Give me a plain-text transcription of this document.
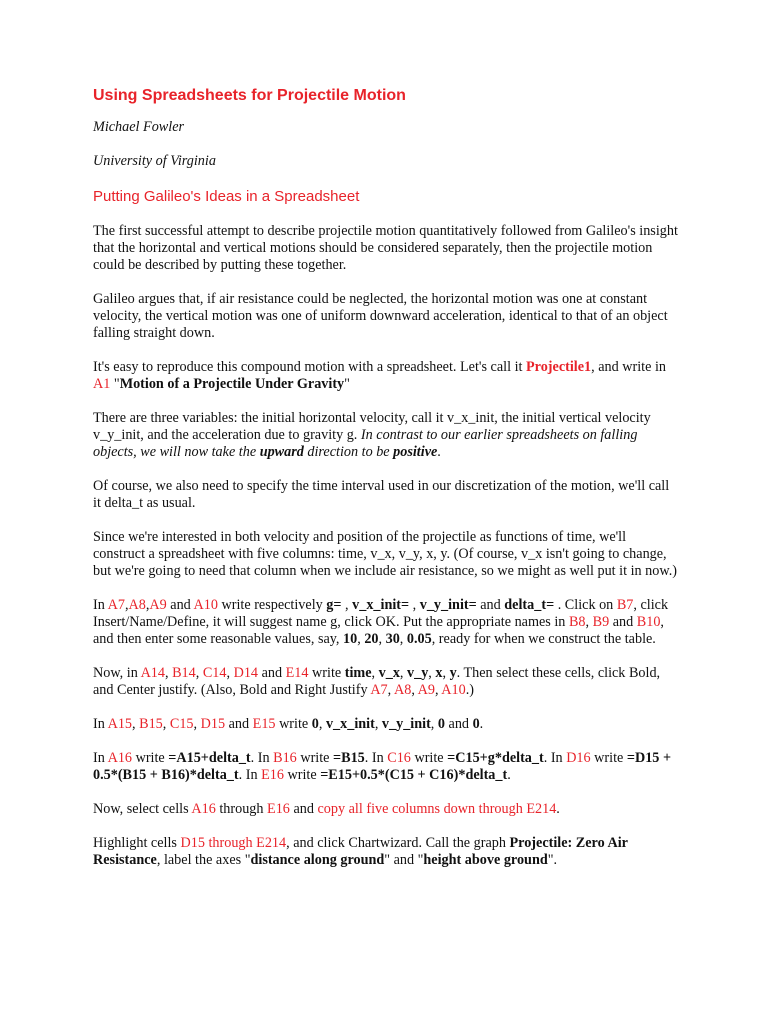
Using Spreadsheets for Projectile Motion
Michael Fowler
University of Virginia
Putting Galileo's Ideas in a Spreadsheet

The first successful attempt to describe projectile motion quantitatively followed from Galileo's insight that the horizontal and vertical motions should be considered separately, then the projectile motion could be described by putting these together.

Galileo argues that, if air resistance could be neglected, the horizontal motion was one at constant velocity, the vertical motion was one of uniform downward acceleration, identical to that of an object falling straight down.

It's easy to reproduce this compound motion with a spreadsheet. Let's call it Projectile1, and write in A1 "Motion of a Projectile Under Gravity"

There are three variables: the initial horizontal velocity, call it v_x_init, the initial vertical velocity v_y_init, and the acceleration due to gravity g. In contrast to our earlier spreadsheets on falling objects, we will now take the upward direction to be positive.

Of course, we also need to specify the time interval used in our discretization of the motion, we'll call it delta_t as usual.

Since we're interested in both velocity and position of the projectile as functions of time, we'll construct a spreadsheet with five columns: time, v_x, v_y, x, y. (Of course, v_x isn't going to change, but we're going to need that column when we include air resistance, so we might as well put it in now.)

In A7,A8,A9 and A10 write respectively g= , v_x_init= , v_y_init= and delta_t= . Click on B7, click Insert/Name/Define, it will suggest name g, click OK. Put the appropriate names in B8, B9 and B10, and then enter some reasonable values, say, 10, 20, 30, 0.05, ready for when we construct the table.

Now, in A14, B14, C14, D14 and E14 write time, v_x, v_y, x, y. Then select these cells, click Bold, and Center justify. (Also, Bold and Right Justify A7, A8, A9, A10.)

In A15, B15, C15, D15 and E15 write 0, v_x_init, v_y_init, 0 and 0.

In A16 write =A15+delta_t. In B16 write =B15. In C16 write =C15+g*delta_t. In D16 write =D15 + 0.5*(B15 + B16)*delta_t. In E16 write =E15+0.5*(C15 + C16)*delta_t.

Now, select cells A16 through E16 and copy all five columns down through E214.

Highlight cells D15 through E214, and click Chartwizard. Call the graph Projectile: Zero Air Resistance, label the axes "distance along ground" and "height above ground".
